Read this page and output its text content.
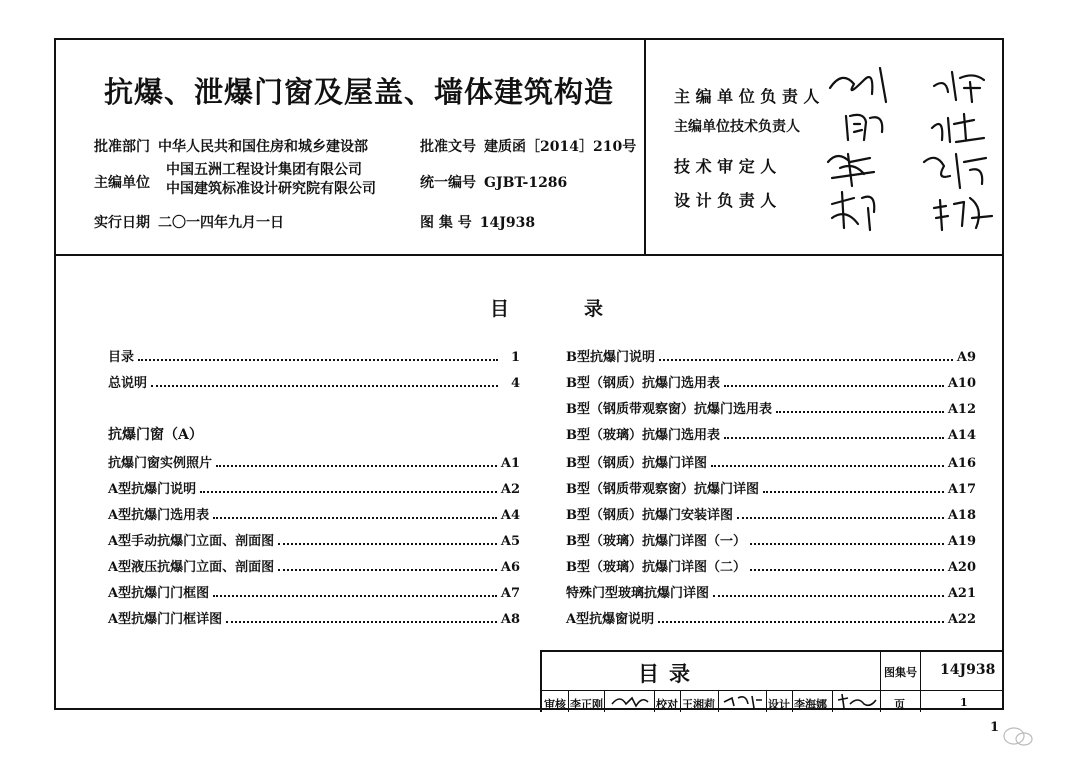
抗爆、泄爆门窗及屋盖、墙体建筑构造
批准部门 中华人民共和国住房和城乡建设部	批准文号 建质函［2014］210号
主编单位
中国五洲工程设计集团有限公司
中国建筑标准设计研究院有限公司	统一编号 GJBT-1286
实行日期 二〇一四年九月一日	图 集 号 14J938
主 编 单 位 负 责 人
主编单位技术负责人
技 术 审 定 人
设 计 负 责 人
目	录
目录	1
总说明	4
抗爆门窗（A）
抗爆门窗实例照片	A1
A型抗爆门说明	A2
A型抗爆门选用表	A4
A型手动抗爆门立面、剖面图	A5
A型液压抗爆门立面、剖面图	A6
A型抗爆门门框图	A7
A型抗爆门门框详图	A8
B型抗爆门说明	A9
B型（钢质）抗爆门选用表	A10
B型（钢质带观察窗）抗爆门选用表	A12
B型（玻璃）抗爆门选用表	A14
B型（钢质）抗爆门详图	A16
B型（钢质带观察窗）抗爆门详图	A17
B型（钢质）抗爆门安装详图	A18
B型（玻璃）抗爆门详图（一）	A19
B型（玻璃）抗爆门详图（二）	A20
特殊门型玻璃抗爆门详图	A21
A型抗爆窗说明	A22
目录	图集号 14J938
审核 李正刚	校对 王湘莉	设计 李海娜	页	1
1
